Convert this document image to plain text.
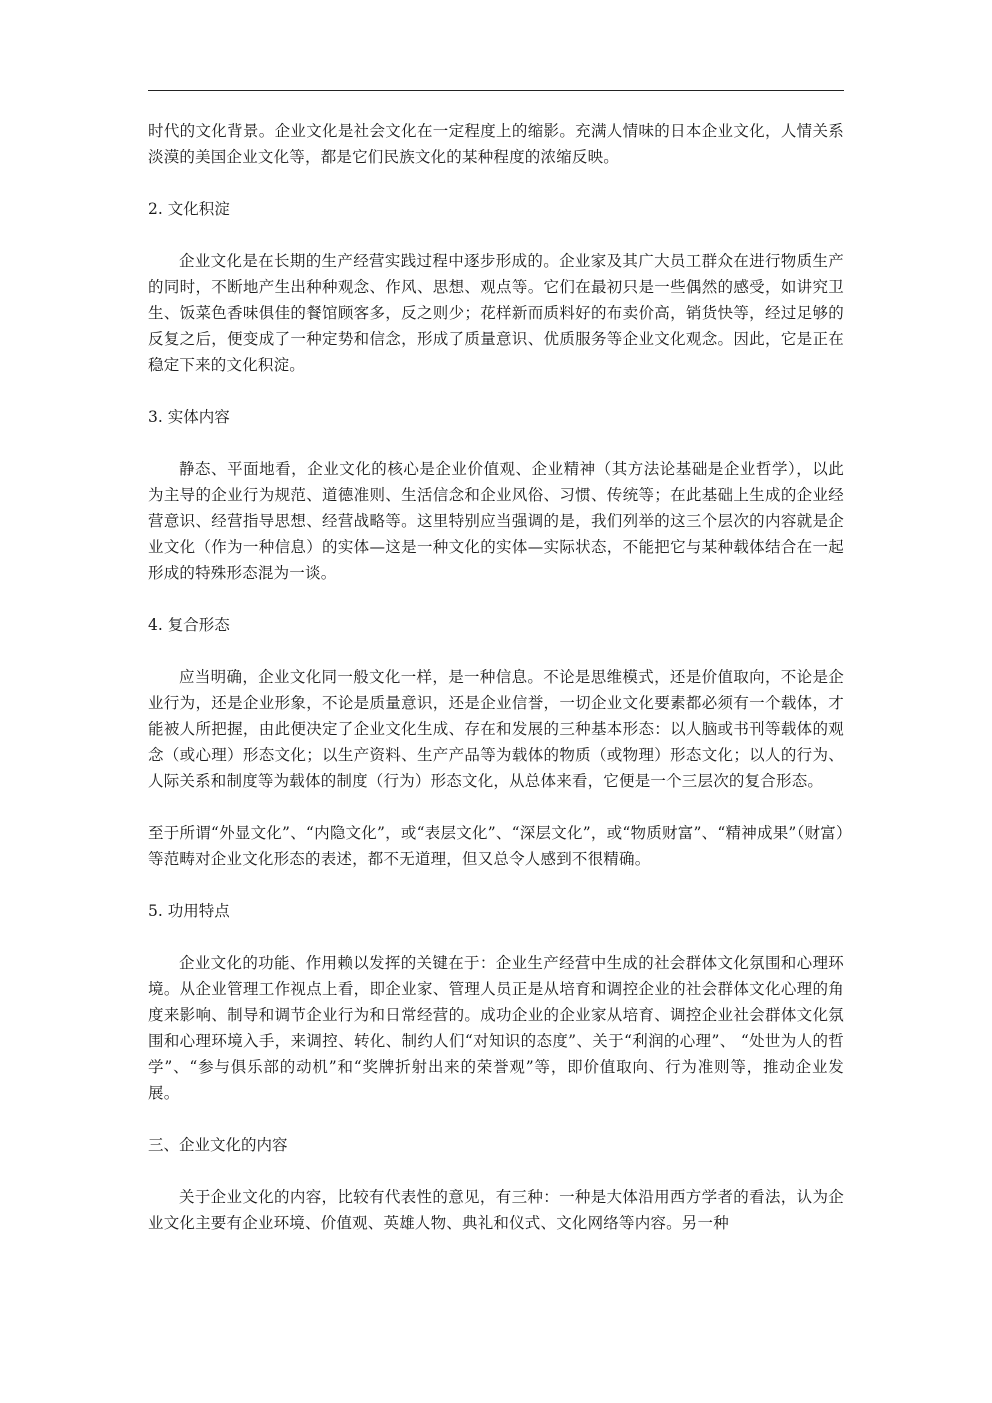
时代的文化背景。企业文化是社会文化在一定程度上的缩影。充满人情味的日本企业文化，人情关系淡漠的美国企业文化等，都是它们民族文化的某种程度的浓缩反映。

2. 文化积淀

企业文化是在长期的生产经营实践过程中逐步形成的。企业家及其广大员工群众在进行物质生产的同时，不断地产生出种种观念、作风、思想、观点等。它们在最初只是一些偶然的感受，如讲究卫生、饭菜色香味俱佳的餐馆顾客多，反之则少；花样新而质料好的布卖价高，销货快等，经过足够的反复之后，便变成了一种定势和信念，形成了质量意识、优质服务等企业文化观念。因此，它是正在稳定下来的文化积淀。

3. 实体内容

静态、平面地看，企业文化的核心是企业价值观、企业精神（其方法论基础是企业哲学），以此为主导的企业行为规范、道德准则、生活信念和企业风俗、习惯、传统等；在此基础上生成的企业经营意识、经营指导思想、经营战略等。这里特别应当强调的是，我们列举的这三个层次的内容就是企业文化（作为一种信息）的实体—这是一种文化的实体—实际状态，不能把它与某种载体结合在一起形成的特殊形态混为一谈。

4. 复合形态

应当明确，企业文化同一般文化一样，是一种信息。不论是思维模式，还是价值取向，不论是企业行为，还是企业形象，不论是质量意识，还是企业信誉，一切企业文化要素都必须有一个载体，才能被人所把握，由此便决定了企业文化生成、存在和发展的三种基本形态：以人脑或书刊等载体的观念（或心理）形态文化；以生产资料、生产产品等为载体的物质（或物理）形态文化；以人的行为、人际关系和制度等为载体的制度（行为）形态文化，从总体来看，它便是一个三层次的复合形态。

至于所谓“外显文化”、“内隐文化”，或“表层文化”、“深层文化”，或“物质财富”、“精神成果”（财富）等范畴对企业文化形态的表述，都不无道理，但又总令人感到不很精确。

5. 功用特点

企业文化的功能、作用赖以发挥的关键在于：企业生产经营中生成的社会群体文化氛围和心理环境。从企业管理工作视点上看，即企业家、管理人员正是从培育和调控企业的社会群体文化心理的角度来影响、制导和调节企业行为和日常经营的。成功企业的企业家从培育、调控企业社会群体文化氛围和心理环境入手，来调控、转化、制约人们“对知识的态度”、关于“利润的心理”、 “处世为人的哲学”、“参与俱乐部的动机”和“奖牌折射出来的荣誉观”等，即价值取向、行为准则等，推动企业发展。

三、企业文化的内容

关于企业文化的内容，比较有代表性的意见，有三种：一种是大体沿用西方学者的看法，认为企业文化主要有企业环境、价值观、英雄人物、典礼和仪式、文化网络等内容。另一种
